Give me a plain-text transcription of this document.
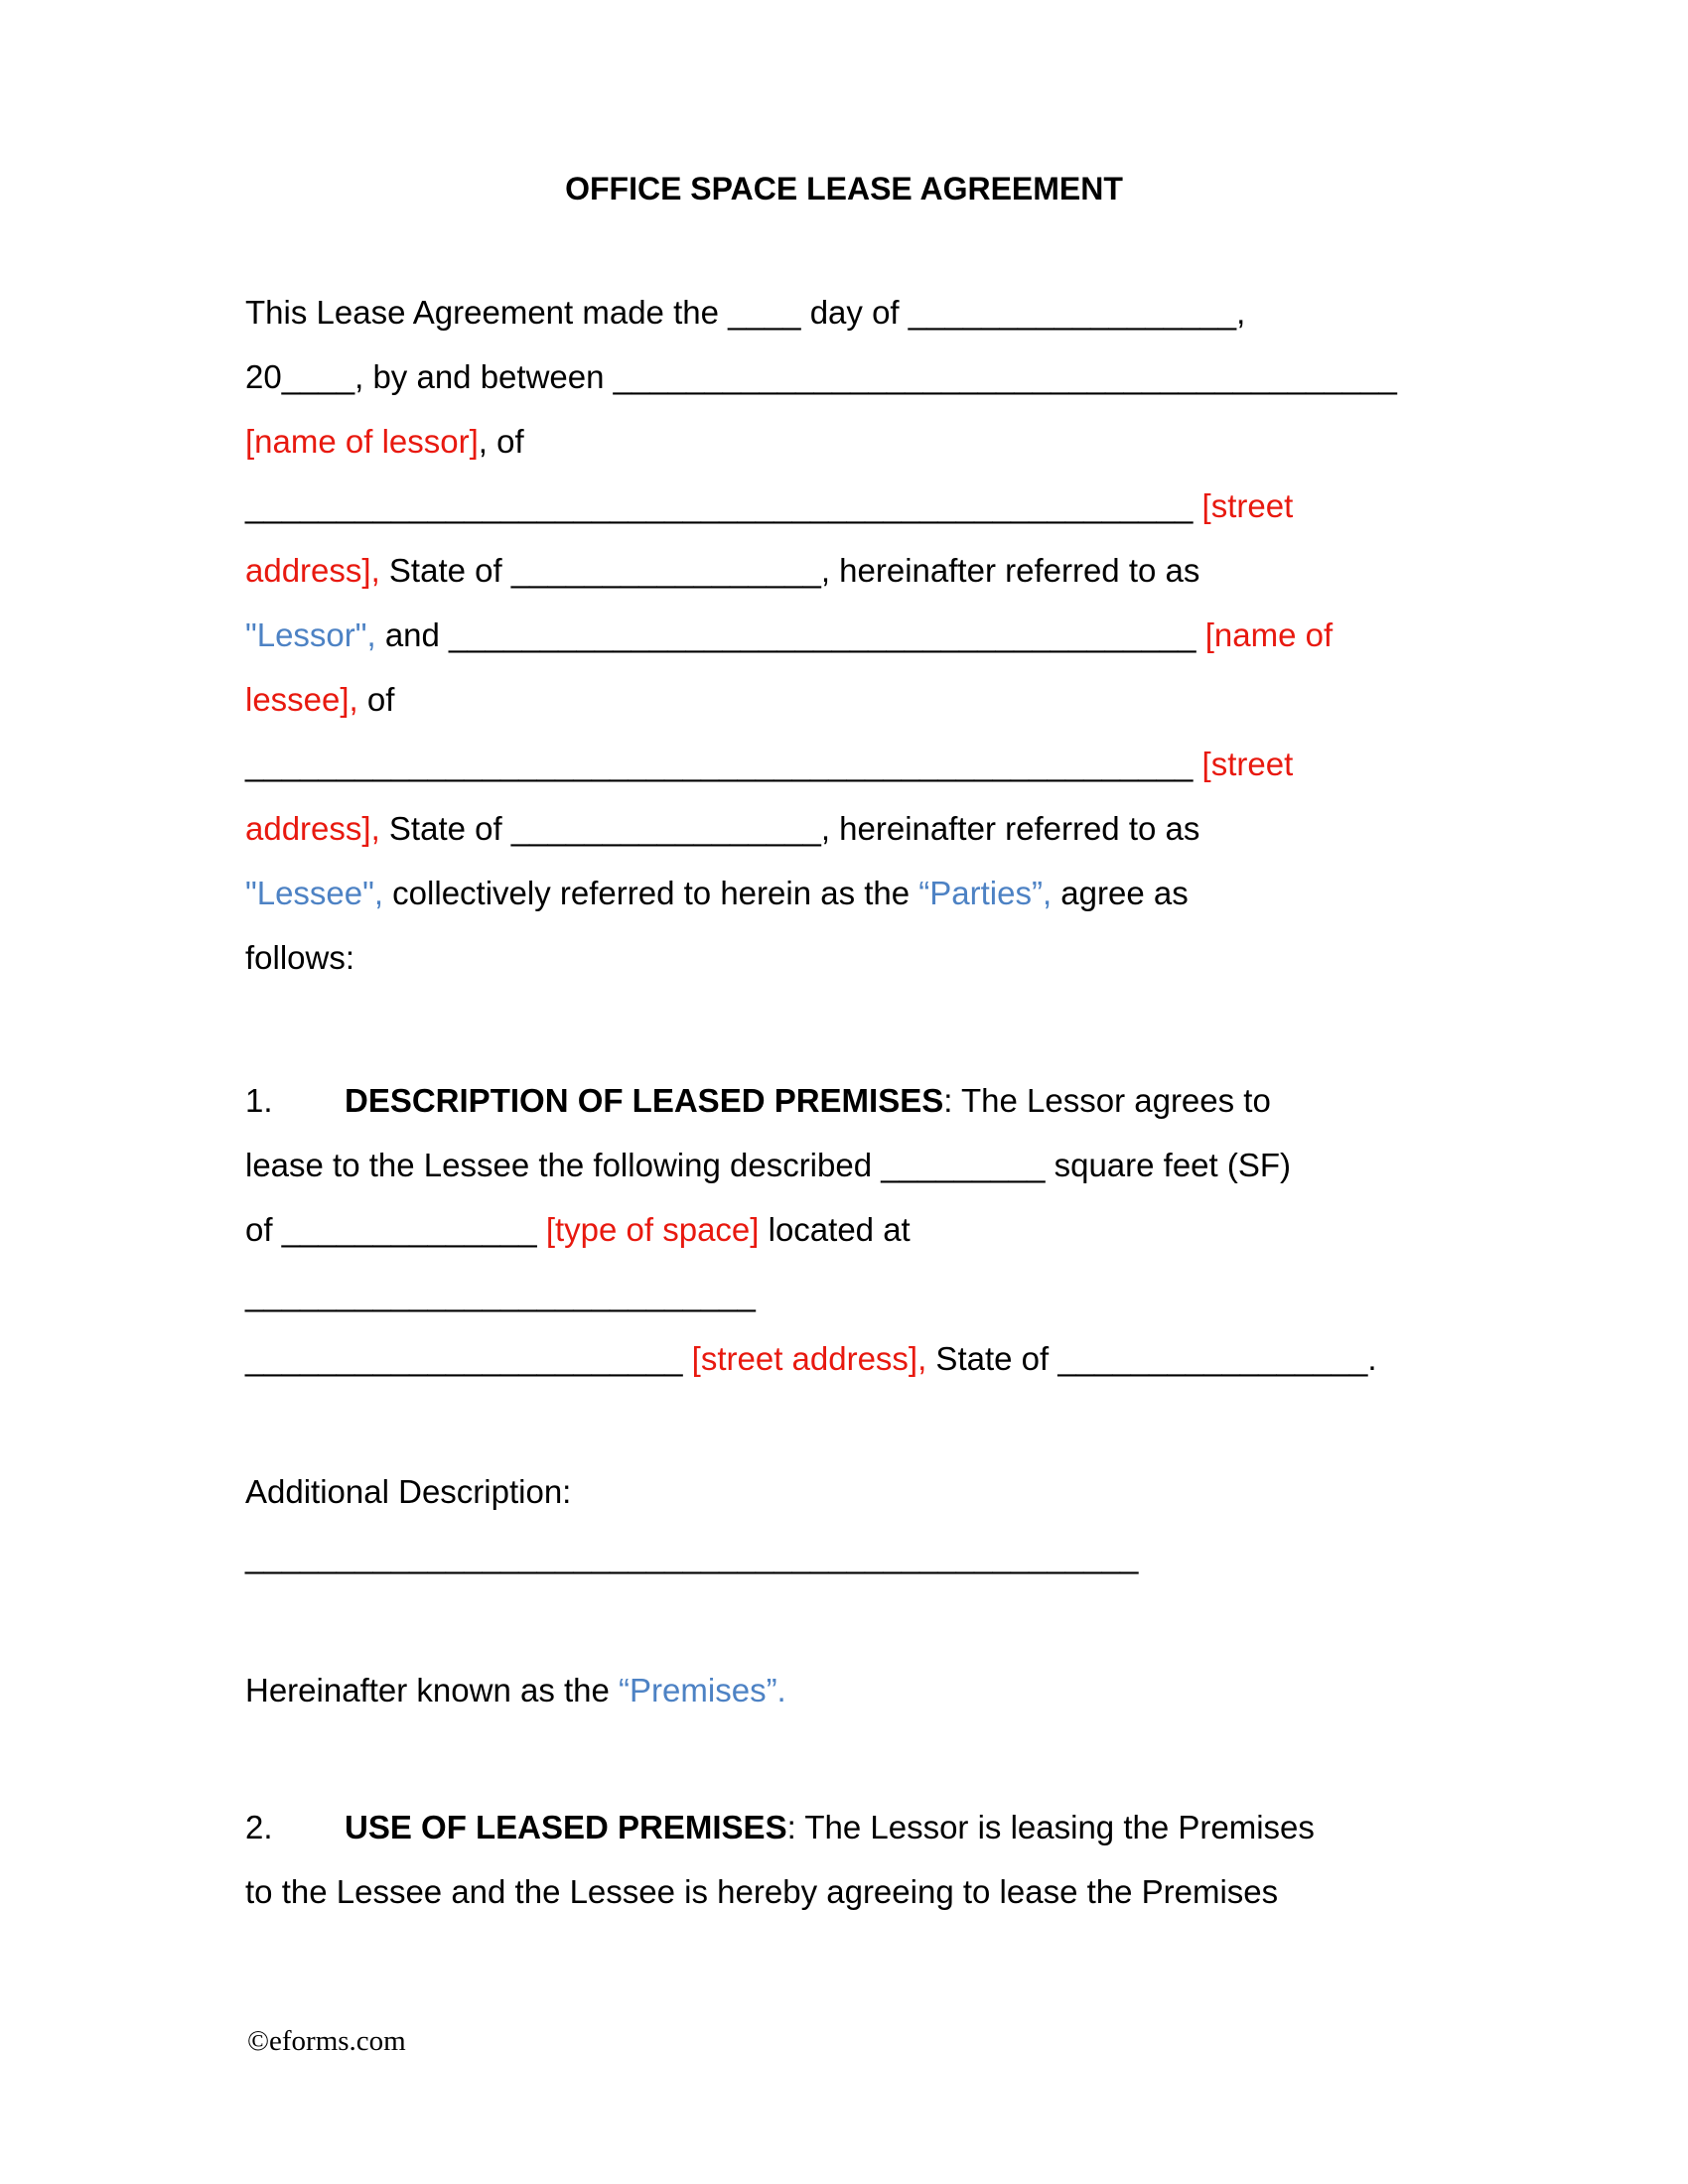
OFFICE SPACE LEASE AGREEMENT
This Lease Agreement made the ____ day of __________________,
20____, by and between ___________________________________________
[name of lessor], of
____________________________________________________ [street
address], State of _________________, hereinafter referred to as
"Lessor", and _________________________________________ [name of
lessee], of
____________________________________________________ [street
address], State of _________________, hereinafter referred to as
"Lessee", collectively referred to herein as the “Parties”, agree as
follows:
1. DESCRIPTION OF LEASED PREMISES: The Lessor agrees to
lease to the Lessee the following described _________ square feet (SF)
of ______________ [type of space] located at
____________________________
________________________ [street address], State of _________________.
Additional Description:
_________________________________________________
Hereinafter known as the “Premises”.
2. USE OF LEASED PREMISES: The Lessor is leasing the Premises
to the Lessee and the Lessee is hereby agreeing to lease the Premises
©eforms.com
